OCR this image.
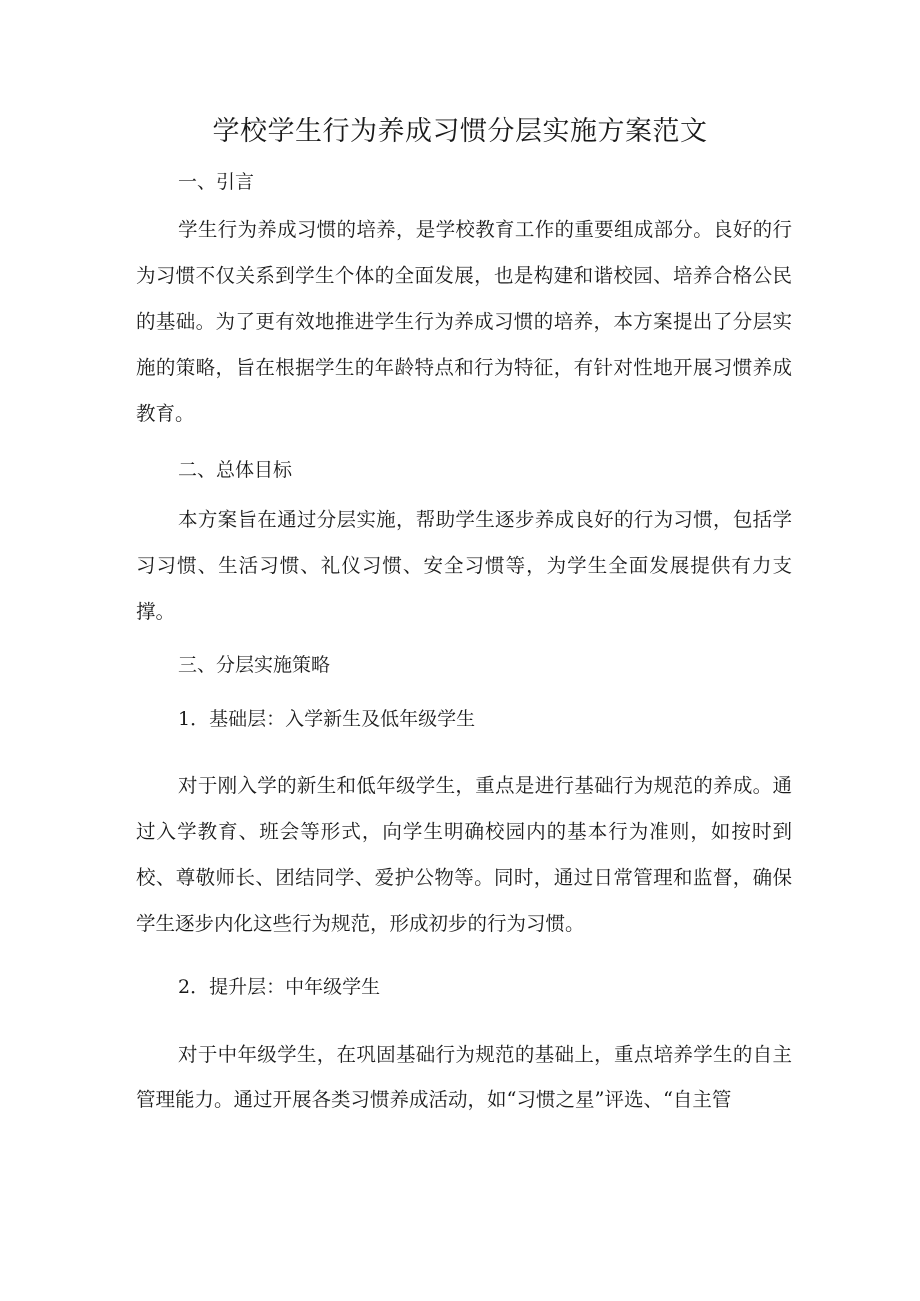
学校学生行为养成习惯分层实施方案范文
一、引言

学生行为养成习惯的培养，是学校教育工作的重要组成部分。良好的行为习惯不仅关系到学生个体的全面发展，也是构建和谐校园、培养合格公民的基础。为了更有效地推进学生行为养成习惯的培养，本方案提出了分层实施的策略，旨在根据学生的年龄特点和行为特征，有针对性地开展习惯养成教育。

二、总体目标

本方案旨在通过分层实施，帮助学生逐步养成良好的行为习惯，包括学习习惯、生活习惯、礼仪习惯、安全习惯等，为学生全面发展提供有力支撑。

三、分层实施策略
1．基础层：入学新生及低年级学生

对于刚入学的新生和低年级学生，重点是进行基础行为规范的养成。通过入学教育、班会等形式，向学生明确校园内的基本行为准则，如按时到校、尊敬师长、团结同学、爱护公物等。同时，通过日常管理和监督，确保学生逐步内化这些行为规范，形成初步的行为习惯。

2．提升层：中年级学生

对于中年级学生，在巩固基础行为规范的基础上，重点培养学生的自主管理能力。通过开展各类习惯养成活动，如“习惯之星”评选、“自主管
